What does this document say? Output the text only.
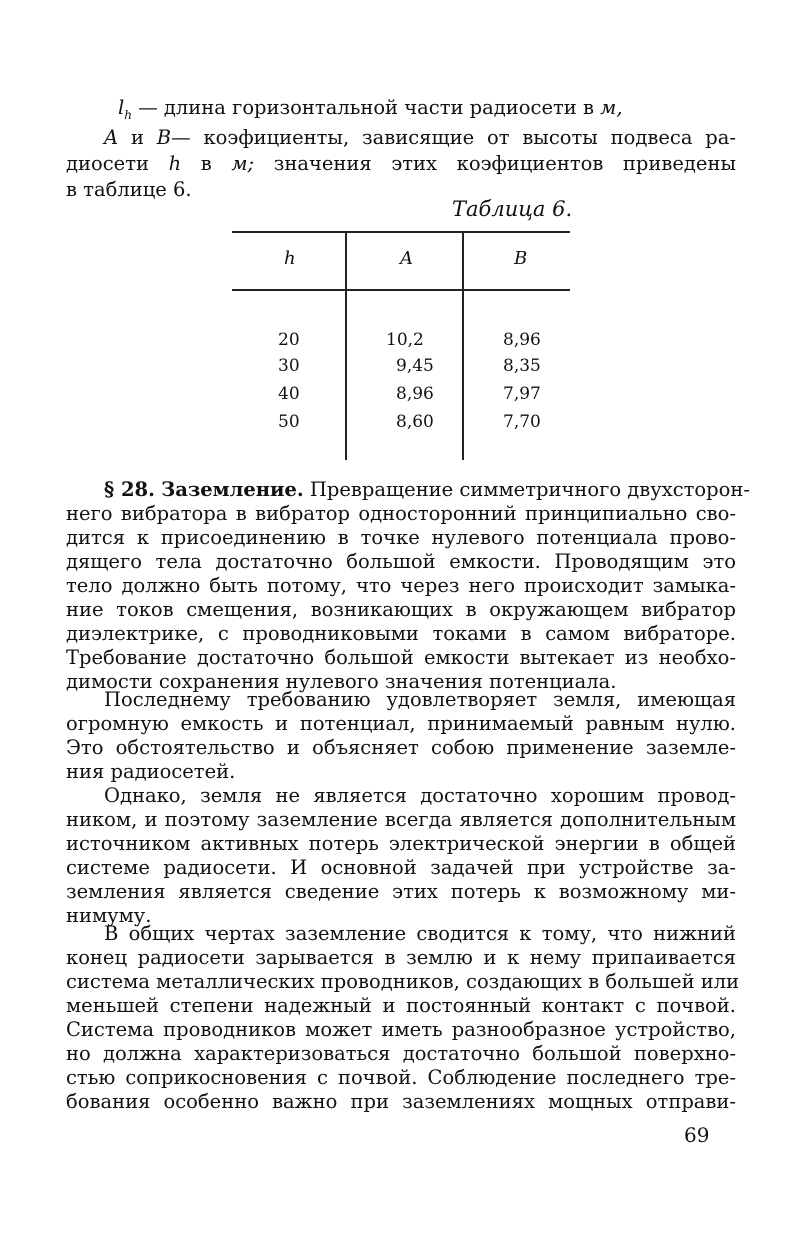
$l_h$ — длина горизонтальной части радиосети в м,
A и B— коэфициенты, зависящие от высоты подвеса ра-
диосети h в м; значения этих коэфициентов приведены
в таблице 6.
Таблица 6.
h	A	B
20	10,2	8,96
30	9,45	8,35
40	8,96	7,97
50	8,60	7,70
§ 28. Заземление. Превращение симметричного двухсторон-
него вибратора в вибратор односторонний принципиально сво-
дится к присоединению в точке нулевого потенциала прово-
дящего тела достаточно большой емкости. Проводящим это
тело должно быть потому, что через него происходит замыка-
ние токов смещения, возникающих в окружающем вибратор
диэлектрике, с проводниковыми токами в самом вибраторе.
Требование достаточно большой емкости вытекает из необхо-
димости сохранения нулевого значения потенциала.
Последнему требованию удовлетворяет земля, имеющая
огромную емкость и потенциал, принимаемый равным нулю.
Это обстоятельство и объясняет собою применение заземле-
ния радиосетей.
Однако, земля не является достаточно хорошим провод-
ником, и поэтому заземление всегда является дополнительным
источником активных потерь электрической энергии в общей
системе радиосети. И основной задачей при устройстве за-
земления является сведение этих потерь к возможному ми-
нимуму.
В общих чертах заземление сводится к тому, что нижний
конец радиосети зарывается в землю и к нему припаивается
система металлических проводников, создающих в большей или
меньшей степени надежный и постоянный контакт с почвой.
Система проводников может иметь разнообразное устройство,
но должна характеризоваться достаточно большой поверхно-
стью соприкосновения с почвой. Соблюдение последнего тре-
бования особенно важно при заземлениях мощных отправи-
69
